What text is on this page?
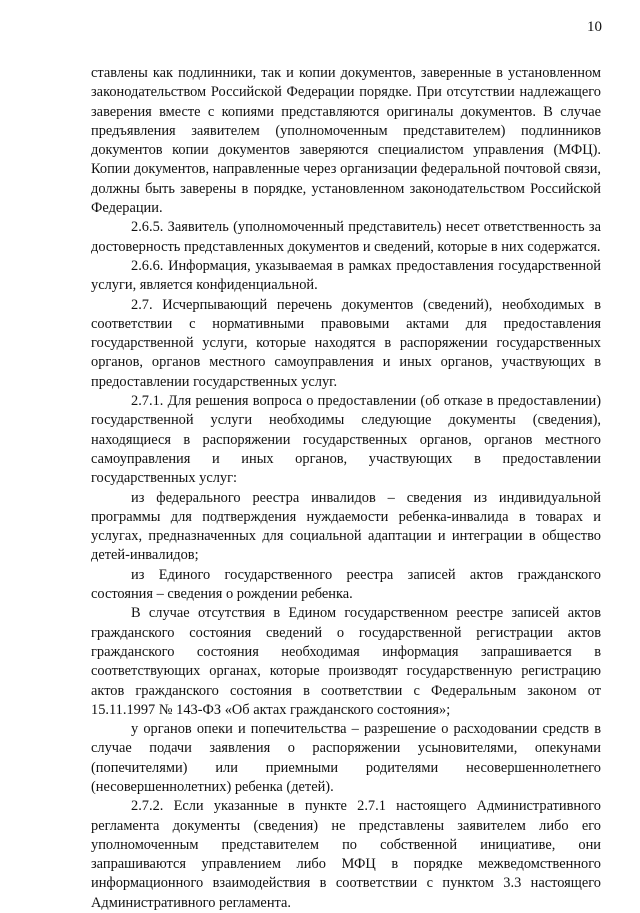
10

ставлены как подлинники, так и копии документов, заверенные в установленном законодательством Российской Федерации порядке. При отсутствии надлежащего заверения вместе с копиями представляются оригиналы документов. В случае предъявления заявителем (уполномоченным представителем) подлинников документов копии документов заверяются специалистом управления (МФЦ). Копии документов, направленные через организации федеральной почтовой связи, должны быть заверены в порядке, установленном законодательством Российской Федерации.

2.6.5. Заявитель (уполномоченный представитель) несет ответственность за достоверность представленных документов и сведений, которые в них содержатся.

2.6.6. Информация, указываемая в рамках предоставления государственной услуги, является конфиденциальной.

2.7. Исчерпывающий перечень документов (сведений), необходимых в соответствии с нормативными правовыми актами для предоставления государственной услуги, которые находятся в распоряжении государственных органов, органов местного самоуправления и иных органов, участвующих в предоставлении государственных услуг.

2.7.1. Для решения вопроса о предоставлении (об отказе в предоставлении) государственной услуги необходимы следующие документы (сведения), находящиеся в распоряжении государственных органов, органов местного самоуправления и иных органов, участвующих в предоставлении государственных услуг:

из федерального реестра инвалидов – сведения из индивидуальной программы для подтверждения нуждаемости ребенка-инвалида в товарах и услугах, предназначенных для социальной адаптации и интеграции в общество детей-инвалидов;

из Единого государственного реестра записей актов гражданского состояния – сведения о рождении ребенка.

В случае отсутствия в Едином государственном реестре записей актов гражданского состояния сведений о государственной регистрации актов гражданского состояния необходимая информация запрашивается в соответствующих органах, которые производят государственную регистрацию актов гражданского состояния в соответствии с Федеральным законом от 15.11.1997 № 143-ФЗ «Об актах гражданского состояния»;

у органов опеки и попечительства – разрешение о расходовании средств в случае подачи заявления о распоряжении усыновителями, опекунами (попечителями) или приемными родителями несовершеннолетнего (несовершеннолетних) ребенка (детей).

2.7.2. Если указанные в пункте 2.7.1 настоящего Административного регламента документы (сведения) не представлены заявителем либо его уполномоченным представителем по собственной инициативе, они запрашиваются управлением либо МФЦ в порядке межведомственного информационного взаимодействия в соответствии с пунктом 3.3 настоящего Административного регламента.
